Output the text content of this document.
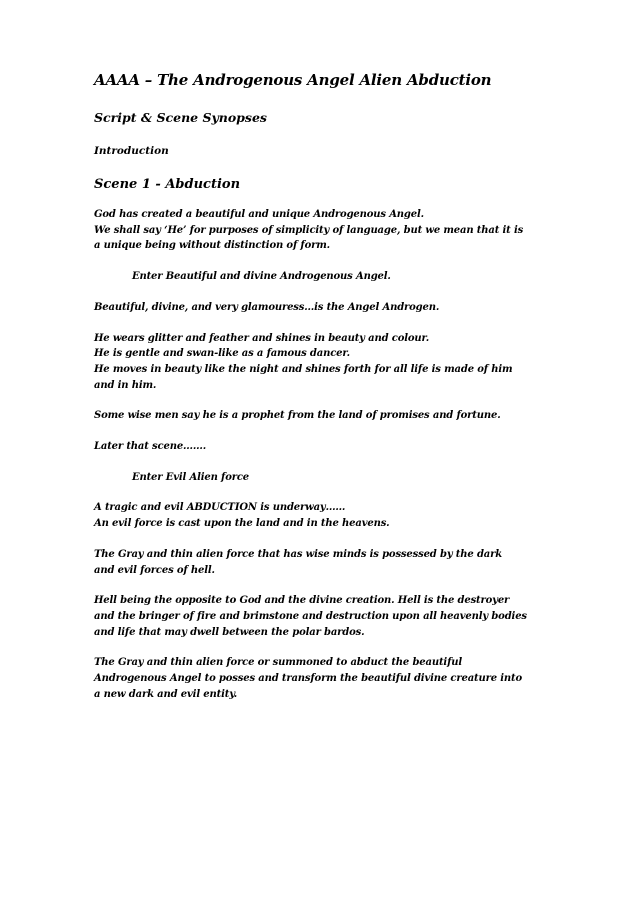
AAAA – The Androgenous Angel Alien Abduction
Script & Scene Synopses
Introduction
Scene 1 - Abduction
God has created a beautiful and unique Androgenous Angel.
We shall say ‘He’ for purposes of simplicity of language, but we mean that it is
a unique being without distinction of form.
Enter Beautiful and divine Androgenous Angel.
Beautiful, divine, and very glamouress…is the Angel Androgen.
He wears glitter and feather and shines in beauty and colour.
He is gentle and swan-like as a famous dancer.
He moves in beauty like the night and shines forth for all life is made of him
and in him.
Some wise men say he is a prophet from the land of promises and fortune.
Later that scene…….
Enter Evil Alien force
A tragic and evil ABDUCTION is underway……
An evil force is cast upon the land and in the heavens.
The Gray and thin alien force that has wise minds is possessed by the dark
and evil forces of hell.
Hell being the opposite to God and the divine creation. Hell is the destroyer
and the bringer of fire and brimstone and destruction upon all heavenly bodies
and life that may dwell between the polar bardos.
The Gray and thin alien force or summoned to abduct the beautiful
Androgenous Angel to posses and transform the beautiful divine creature into
a new dark and evil entity.
